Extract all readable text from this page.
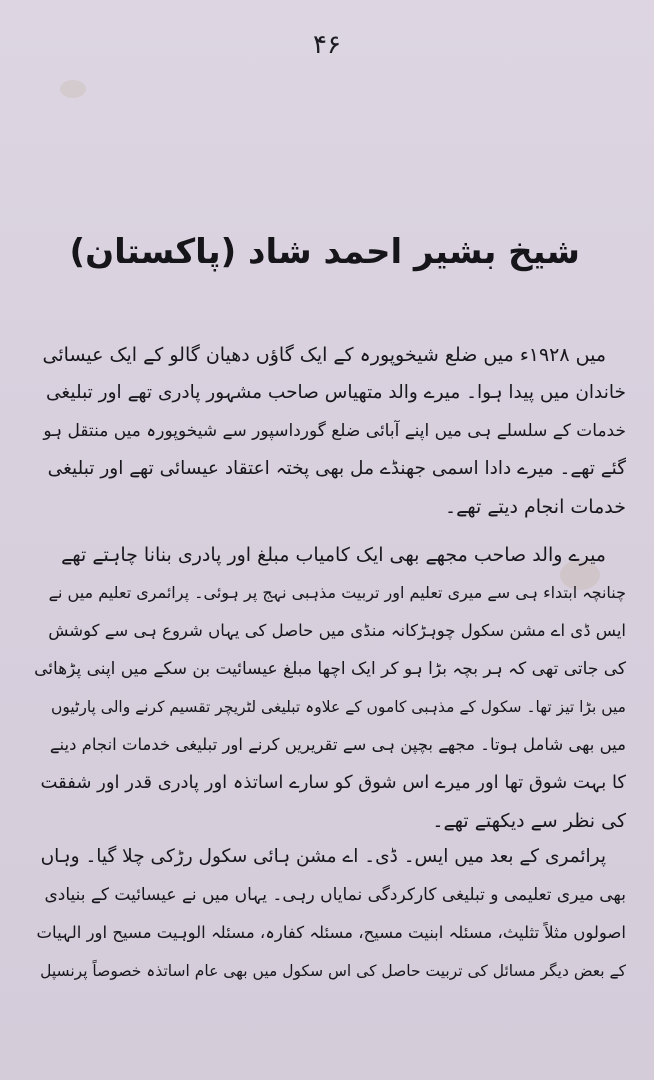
۴۶
شیخ بشیر احمد شاد (پاکستان)
میں ۱۹۲۸ء میں ضلع شیخوپورہ کے ایک گاؤں دھیان گالو کے ایک عیسائی
خاندان میں پیدا ہوا۔ میرے والد متھیاس صاحب مشہور پادری تھے اور تبلیغی
خدمات کے سلسلے ہی میں اپنے آبائی ضلع گورداسپور سے شیخوپورہ میں منتقل ہو
گئے تھے۔ میرے دادا اسمی جھنڈے مل بھی پختہ اعتقاد عیسائی تھے اور تبلیغی
خدمات انجام دیتے تھے۔
میرے والد صاحب مجھے بھی ایک کامیاب مبلغ اور پادری بنانا چاہتے تھے
چنانچہ ابتداء ہی سے میری تعلیم اور تربیت مذہبی نہج پر ہوئی۔ پرائمری تعلیم میں نے
ایس ڈی اے مشن سکول چوہڑکانہ منڈی میں حاصل کی یہاں شروع ہی سے کوشش
کی جاتی تھی کہ ہر بچہ بڑا ہو کر ایک اچھا مبلغ عیسائیت بن سکے میں اپنی پڑھائی
میں بڑا تیز تھا۔ سکول کے مذہبی کاموں کے علاوہ تبلیغی لٹریچر تقسیم کرنے والی پارٹیوں
میں بھی شامل ہوتا۔ مجھے بچپن ہی سے تقریریں کرنے اور تبلیغی خدمات انجام دینے
کا بہت شوق تھا اور میرے اس شوق کو سارے اساتذہ اور پادری قدر اور شفقت
کی نظر سے دیکھتے تھے۔
پرائمری کے بعد میں ایس۔ ڈی۔ اے مشن ہائی سکول رڑکی چلا گیا۔ وہاں
بھی میری تعلیمی و تبلیغی کارکردگی نمایاں رہی۔ یہاں میں نے عیسائیت کے بنیادی
اصولوں مثلاً تثلیث، مسئلہ ابنیت مسیح، مسئلہ کفارہ، مسئلہ الوہیت مسیح اور الہیات
کے بعض دیگر مسائل کی تربیت حاصل کی اس سکول میں بھی عام اساتذہ خصوصاً پرنسپل
